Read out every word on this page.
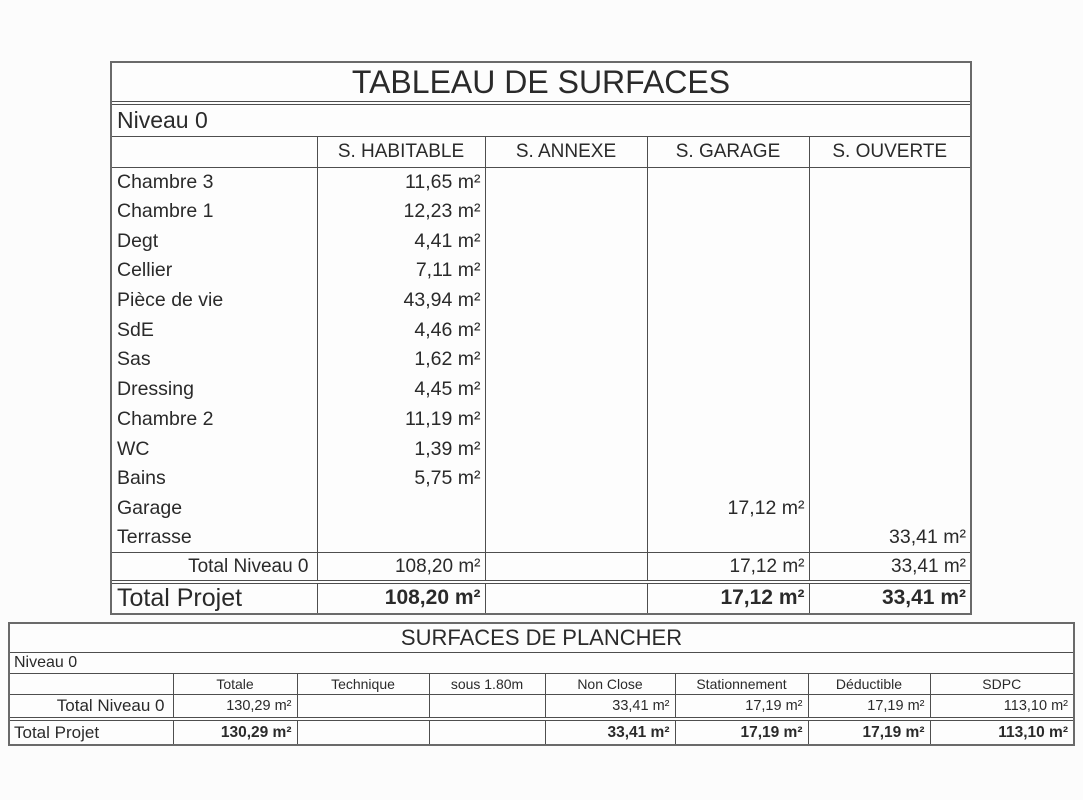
TABLEAU DE SURFACES
Niveau 0
	S. HABITABLE	S. ANNEXE	S. GARAGE	S. OUVERTE
Chambre 3	11,65 m²			
Chambre 1	12,23 m²			
Degt	4,41 m²			
Cellier	7,11 m²			
Pièce de vie	43,94 m²			
SdE	4,46 m²			
Sas	1,62 m²			
Dressing	4,45 m²			
Chambre 2	11,19 m²			
WC	1,39 m²			
Bains	5,75 m²			
Garage			17,12 m²	
Terrasse				33,41 m²
Total Niveau 0	108,20 m²		17,12 m²	33,41 m²
Total Projet	108,20 m²		17,12 m²	33,41 m²
SURFACES DE PLANCHER
Niveau 0
	Totale	Technique	sous 1.80m	Non Close	Stationnement	Déductible	SDPC
Total Niveau 0	130,29 m²			33,41 m²	17,19 m²	17,19 m²	113,10 m²
Total Projet	130,29 m²			33,41 m²	17,19 m²	17,19 m²	113,10 m²
